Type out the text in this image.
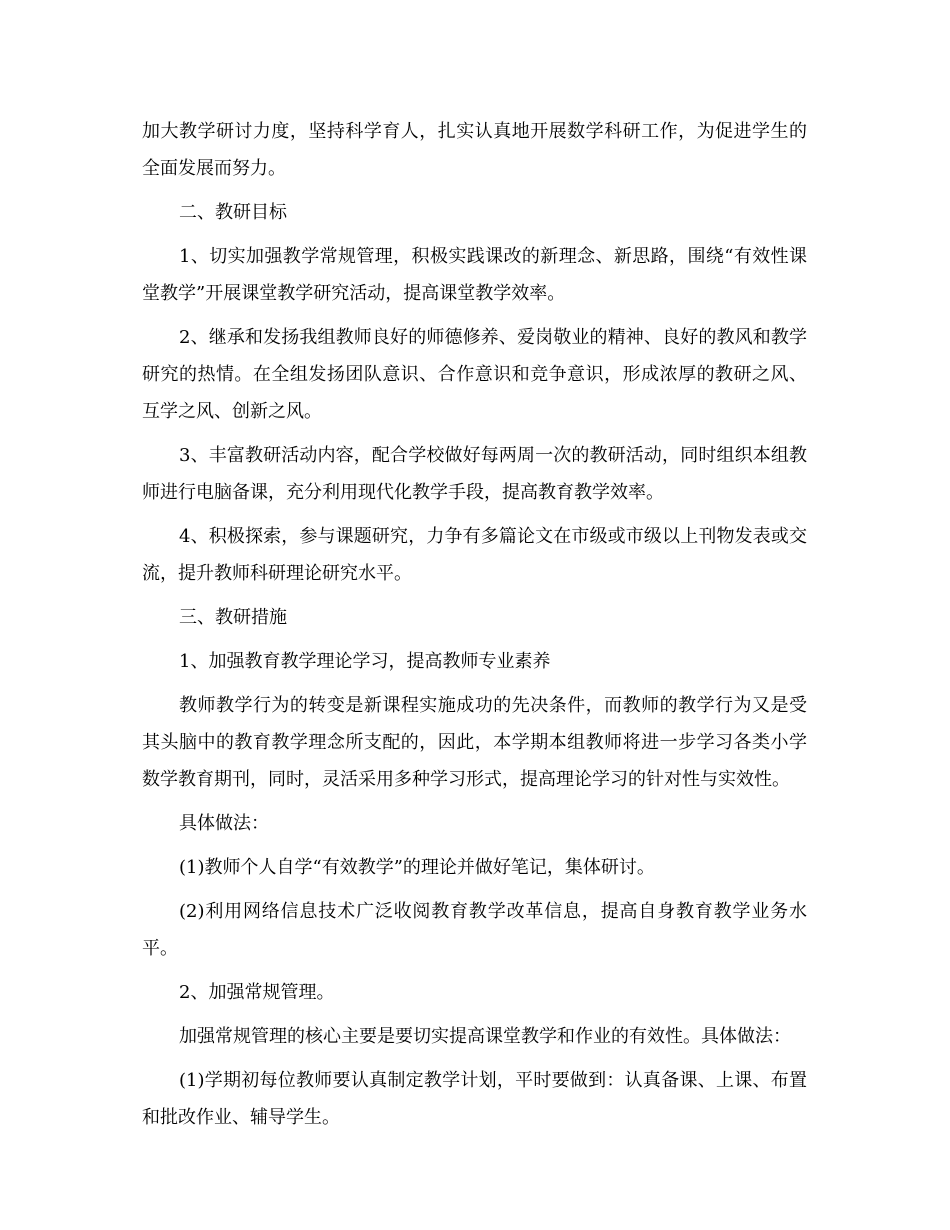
加大教学研讨力度，坚持科学育人，扎实认真地开展数学科研工作，为促进学生的全面发展而努力。

二、教研目标

1、切实加强教学常规管理，积极实践课改的新理念、新思路，围绕“有效性课堂教学”开展课堂教学研究活动，提高课堂教学效率。

2、继承和发扬我组教师良好的师德修养、爱岗敬业的精神、良好的教风和教学研究的热情。在全组发扬团队意识、合作意识和竞争意识，形成浓厚的教研之风、互学之风、创新之风。

3、丰富教研活动内容，配合学校做好每两周一次的教研活动，同时组织本组教师进行电脑备课，充分利用现代化教学手段，提高教育教学效率。

4、积极探索，参与课题研究，力争有多篇论文在市级或市级以上刊物发表或交流，提升教师科研理论研究水平。

三、教研措施

1、加强教育教学理论学习，提高教师专业素养

教师教学行为的转变是新课程实施成功的先决条件，而教师的教学行为又是受其头脑中的教育教学理念所支配的，因此，本学期本组教师将进一步学习各类小学数学教育期刊，同时，灵活采用多种学习形式，提高理论学习的针对性与实效性。

具体做法：

(1)教师个人自学“有效教学”的理论并做好笔记，集体研讨。

(2)利用网络信息技术广泛收阅教育教学改革信息，提高自身教育教学业务水平。

2、加强常规管理。

加强常规管理的核心主要是要切实提高课堂教学和作业的有效性。具体做法：

(1)学期初每位教师要认真制定教学计划，平时要做到：认真备课、上课、布置和批改作业、辅导学生。
